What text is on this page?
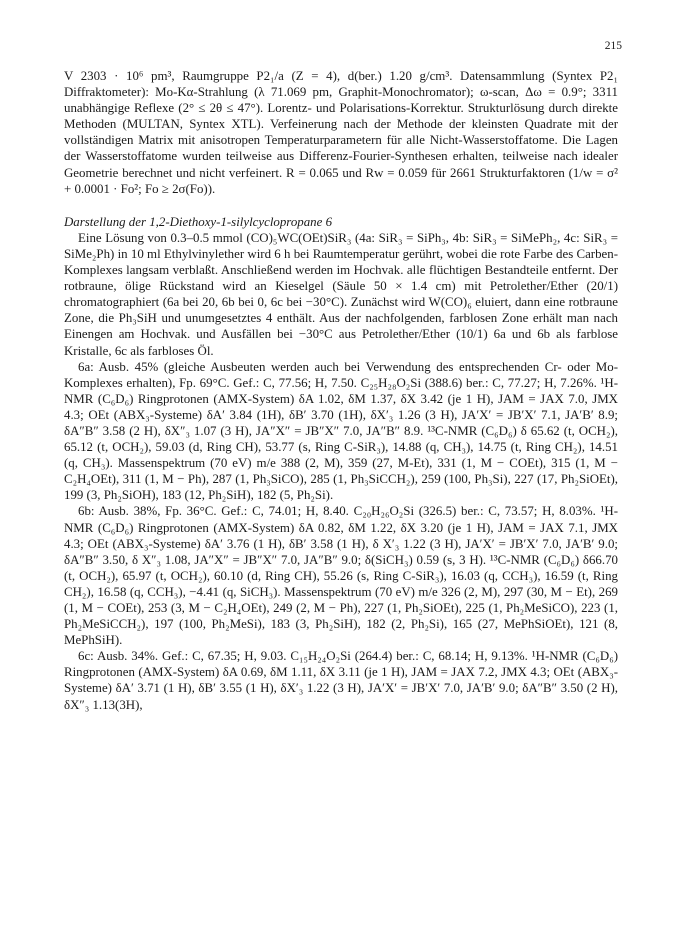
215

V 2303 · 10⁶ pm³, Raumgruppe P2₁/a (Z = 4), d(ber.) 1.20 g/cm³. Datensammlung (Syntex P2₁ Diffraktometer): Mo-Kα-Strahlung (λ 71.069 pm, Graphit-Monochromator); ω-scan, Δω = 0.9°; 3311 unabhängige Reflexe (2° ≤ 2θ ≤ 47°). Lorentz- und Polarisations-Korrektur. Strukturlösung durch direkte Methoden (MULTAN, Syntex XTL). Verfeinerung nach der Methode der kleinsten Quadrate mit der vollständigen Matrix mit anisotropen Temperaturparametern für alle Nicht-Wasserstoffatome. Die Lagen der Wasserstoffatome wurden teilweise aus Differenz-Fourier-Synthesen erhalten, teilweise nach idealer Geometrie berechnet und nicht verfeinert. R = 0.065 und Rw = 0.059 für 2661 Strukturfaktoren (1/w = σ² + 0.0001 · Fo²; Fo ≥ 2σ(Fo)).

Darstellung der 1,2-Diethoxy-1-silylcyclopropane 6

Eine Lösung von 0.3–0.5 mmol (CO)₅WC(OEt)SiR₃ (4a: SiR₃ = SiPh₃, 4b: SiR₃ = SiMePh₂, 4c: SiR₃ = SiMe₂Ph) in 10 ml Ethylvinylether wird 6 h bei Raumtemperatur gerührt, wobei die rote Farbe des Carben-Komplexes langsam verblaßt. Anschließend werden im Hochvak. alle flüchtigen Bestandteile entfernt. Der rotbraune, ölige Rückstand wird an Kieselgel (Säule 50 × 1.4 cm) mit Petrolether/Ether (20/1) chromatographiert (6a bei 20, 6b bei 0, 6c bei −30°C). Zunächst wird W(CO)₆ eluiert, dann eine rotbraune Zone, die Ph₃SiH und unumgesetztes 4 enthält. Aus der nachfolgenden, farblosen Zone erhält man nach Einengen am Hochvak. und Ausfällen bei −30°C aus Petrolether/Ether (10/1) 6a und 6b als farblose Kristalle, 6c als farbloses Öl.

6a: Ausb. 45% (gleiche Ausbeuten werden auch bei Verwendung des entsprechenden Cr- oder Mo-Komplexes erhalten), Fp. 69°C. Gef.: C, 77.56; H, 7.50. C₂₅H₂₈O₂Si (388.6) ber.: C, 77.27; H, 7.26%. ¹H-NMR (C₆D₆) Ringprotonen (AMX-System) δA 1.02, δM 1.37, δX 3.42 (je 1 H), JAM = JAX 7.0, JMX 4.3; OEt (ABX₃-Systeme) δA′ 3.84 (1H), δB′ 3.70 (1H), δX′₃ 1.26 (3 H), JA′X′ = JB′X′ 7.1, JA′B′ 8.9; δA″B″ 3.58 (2 H), δX″₃ 1.07 (3 H), JA″X″ = JB″X″ 7.0, JA″B″ 8.9. ¹³C-NMR (C₆D₆) δ 65.62 (t, OCH₂), 65.12 (t, OCH₂), 59.03 (d, Ring CH), 53.77 (s, Ring C-SiR₃), 14.88 (q, CH₃), 14.75 (t, Ring CH₂), 14.51 (q, CH₃). Massenspektrum (70 eV) m/e 388 (2, M), 359 (27, M-Et), 331 (1, M − COEt), 315 (1, M − C₂H₄OEt), 311 (1, M − Ph), 287 (1, Ph₃SiCO), 285 (1, Ph₃SiCCH₂), 259 (100, Ph₃Si), 227 (17, Ph₂SiOEt), 199 (3, Ph₂SiOH), 183 (12, Ph₂SiH), 182 (5, Ph₂Si).

6b: Ausb. 38%, Fp. 36°C. Gef.: C, 74.01; H, 8.40. C₂₀H₂₆O₂Si (326.5) ber.: C, 73.57; H, 8.03%. ¹H-NMR (C₆D₆) Ringprotonen (AMX-System) δA 0.82, δM 1.22, δX 3.20 (je 1 H), JAM = JAX 7.1, JMX 4.3; OEt (ABX₃-Systeme) δA′ 3.76 (1 H), δB′ 3.58 (1 H), δ X′₃ 1.22 (3 H), JA′X′ = JB′X′ 7.0, JA′B′ 9.0; δA″B″ 3.50, δ X″₃ 1.08, JA″X″ = JB″X″ 7.0, JA″B″ 9.0; δ(SiCH₃) 0.59 (s, 3 H). ¹³C-NMR (C₆D₆) δ66.70 (t, OCH₂), 65.97 (t, OCH₂), 60.10 (d, Ring CH), 55.26 (s, Ring C-SiR₃), 16.03 (q, CCH₃), 16.59 (t, Ring CH₂), 16.58 (q, CCH₃), −4.41 (q, SiCH₃). Massenspektrum (70 eV) m/e 326 (2, M), 297 (30, M − Et), 269 (1, M − COEt), 253 (3, M − C₂H₄OEt), 249 (2, M − Ph), 227 (1, Ph₂SiOEt), 225 (1, Ph₂MeSiCO), 223 (1, Ph₂MeSiCCH₂), 197 (100, Ph₂MeSi), 183 (3, Ph₂SiH), 182 (2, Ph₂Si), 165 (27, MePhSiOEt), 121 (8, MePhSiH).

6c: Ausb. 34%. Gef.: C, 67.35; H, 9.03. C₁₅H₂₄O₂Si (264.4) ber.: C, 68.14; H, 9.13%. ¹H-NMR (C₆D₆) Ringprotonen (AMX-System) δA 0.69, δM 1.11, δX 3.11 (je 1 H), JAM = JAX 7.2, JMX 4.3; OEt (ABX₃-Systeme) δA′ 3.71 (1 H), δB′ 3.55 (1 H), δX′₃ 1.22 (3 H), JA′X′ = JB′X′ 7.0, JA′B′ 9.0; δA″B″ 3.50 (2 H), δX″₃ 1.13(3H),
